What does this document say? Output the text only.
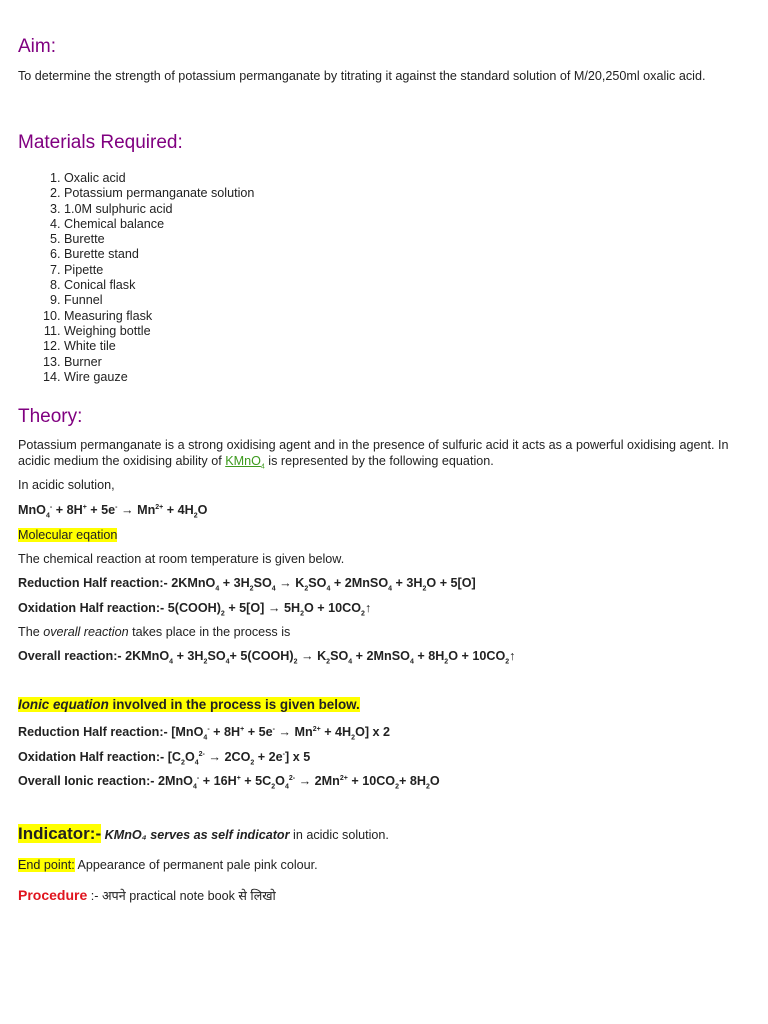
Aim:

To determine the strength of potassium permanganate by titrating it against the standard solution of M/20,250ml oxalic acid.

Materials Required:
1. Oxalic acid
2. Potassium permanganate solution
3. 1.0M sulphuric acid
4. Chemical balance
5. Burette
6. Burette stand
7. Pipette
8. Conical flask
9. Funnel
10. Measuring flask
11. Weighing bottle
12. White tile
13. Burner
14. Wire gauze
Theory:

Potassium permanganate is a strong oxidising agent and in the presence of sulfuric acid it acts as a powerful oxidising agent. In acidic medium the oxidising ability of KMnO$_4$ is represented by the following equation.

In acidic solution,
$MnO_4^- + 8H^+ + 5e^- \to Mn^{2+} + 4H_2O$
Molecular eqation
The chemical reaction at room temperature is given below.
Reduction Half reaction:- 2KMnO$_4$ + $3H_2SO_4 \to K_2SO_4$ + 2MnSO$_4$ + $3H_2O + 5[O]$
Oxidation Half reaction:- $5(COOH)_2 + 5[O] \to 5H_2O$ + $10CO_2↑$
The overall reaction takes place in the process is
Overall reaction:- 2KMnO$_4$ + $3H_2SO_4+$ $5(COOH)_2 \to K_2SO_4$ + 2MnSO$_4$ + $8H_2O$ + $10CO_2↑$
Ionic equation involved in the process is given below.
Reduction Half reaction:- $[MnO_4^- + 8H^+ + 5e^- \to Mn^{2+} + 4H_2O]$ x 2
Oxidation Half reaction:- $[C_2O_4^{2-} \to 2CO_2 + 2e^-]$ x 5
Overall Ionic reaction:- $2MnO_4^- + 16H^+ + 5C_2O_4^{2-} \to 2Mn^{2+} + 10CO_2+ 8H_2O$
Indicator:- KMnO₄ serves as self indicator in acidic solution.
End point: Appearance of permanent pale pink colour.
Procedure :- अपने practical note book से लिखो
